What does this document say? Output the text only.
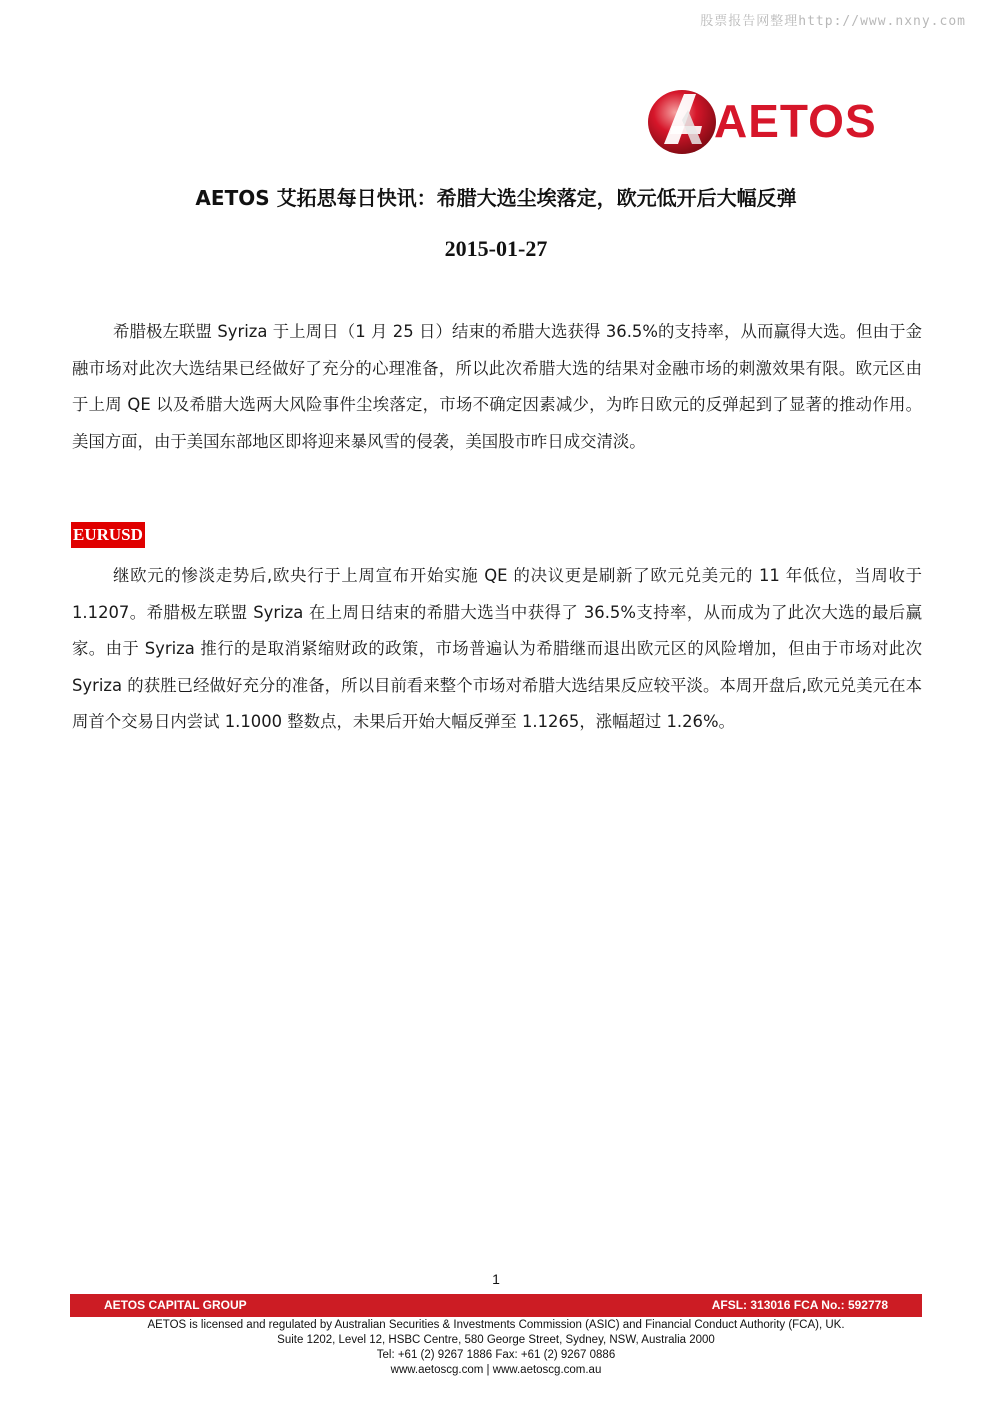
股票报告网整理http://www.nxny.com
AETOS
AETOS 艾拓思每日快讯：希腊大选尘埃落定，欧元低开后大幅反弹
2015-01-27

希腊极左联盟 Syriza 于上周日（1 月 25 日）结束的希腊大选获得 36.5%的支持率，从而赢得大选。但由于金融市场对此次大选结果已经做好了充分的心理准备，所以此次希腊大选的结果对金融市场的刺激效果有限。欧元区由于上周 QE 以及希腊大选两大风险事件尘埃落定，市场不确定因素减少，为昨日欧元的反弹起到了显著的推动作用。美国方面，由于美国东部地区即将迎来暴风雪的侵袭，美国股市昨日成交清淡。

EURUSD

继欧元的惨淡走势后,欧央行于上周宣布开始实施 QE 的决议更是刷新了欧元兑美元的 11 年低位，当周收于 1.1207。希腊极左联盟 Syriza 在上周日结束的希腊大选当中获得了 36.5%支持率，从而成为了此次大选的最后赢家。由于 Syriza 推行的是取消紧缩财政的政策，市场普遍认为希腊继而退出欧元区的风险增加，但由于市场对此次 Syriza 的获胜已经做好充分的准备，所以目前看来整个市场对希腊大选结果反应较平淡。本周开盘后,欧元兑美元在本周首个交易日内尝试 1.1000 整数点，未果后开始大幅反弹至 1.1265，涨幅超过 1.26%。

1
AETOS CAPITAL GROUP	AFSL: 313016 FCA No.: 592778
AETOS is licensed and regulated by Australian Securities & Investments Commission (ASIC) and Financial Conduct Authority (FCA), UK.
Suite 1202, Level 12, HSBC Centre, 580 George Street, Sydney, NSW, Australia 2000
Tel: +61 (2) 9267 1886 Fax: +61 (2) 9267 0886
www.aetoscg.com | www.aetoscg.com.au
